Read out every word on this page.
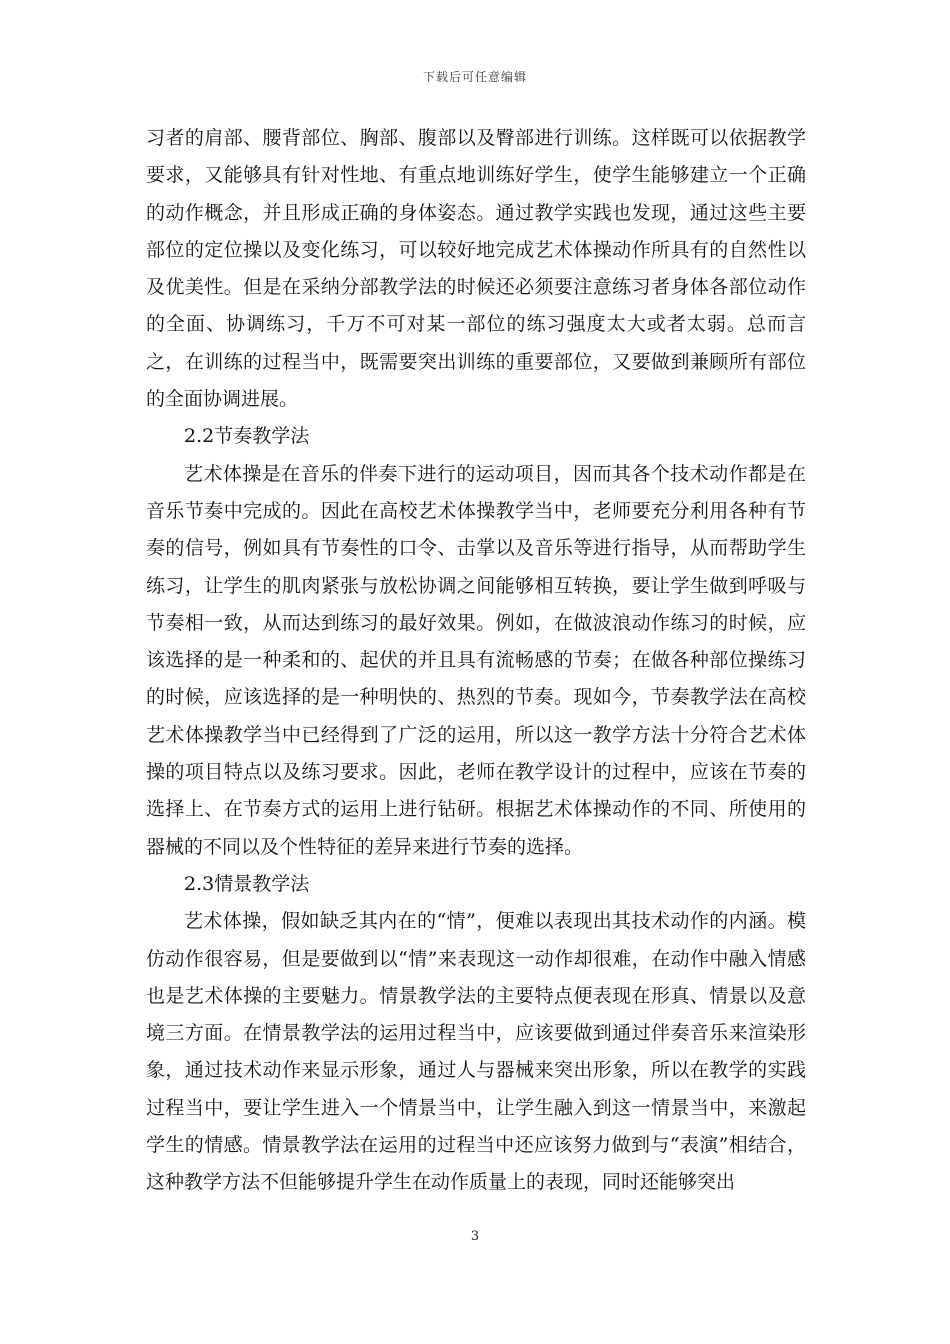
下载后可任意编辑

习者的肩部、腰背部位、胸部、腹部以及臀部进行训练。这样既可以依据教学要求，又能够具有针对性地、有重点地训练好学生，使学生能够建立一个正确的动作概念，并且形成正确的身体姿态。通过教学实践也发现，通过这些主要部位的定位操以及变化练习，可以较好地完成艺术体操动作所具有的自然性以及优美性。但是在采纳分部教学法的时候还必须要注意练习者身体各部位动作的全面、协调练习，千万不可对某一部位的练习强度太大或者太弱。总而言之，在训练的过程当中，既需要突出训练的重要部位，又要做到兼顾所有部位的全面协调进展。

2.2节奏教学法

艺术体操是在音乐的伴奏下进行的运动项目，因而其各个技术动作都是在音乐节奏中完成的。因此在高校艺术体操教学当中，老师要充分利用各种有节奏的信号，例如具有节奏性的口令、击掌以及音乐等进行指导，从而帮助学生练习，让学生的肌肉紧张与放松协调之间能够相互转换，要让学生做到呼吸与节奏相一致，从而达到练习的最好效果。例如，在做波浪动作练习的时候，应该选择的是一种柔和的、起伏的并且具有流畅感的节奏；在做各种部位操练习的时候，应该选择的是一种明快的、热烈的节奏。现如今，节奏教学法在高校艺术体操教学当中已经得到了广泛的运用，所以这一教学方法十分符合艺术体操的项目特点以及练习要求。因此，老师在教学设计的过程中，应该在节奏的选择上、在节奏方式的运用上进行钻研。根据艺术体操动作的不同、所使用的器械的不同以及个性特征的差异来进行节奏的选择。

2.3情景教学法

艺术体操，假如缺乏其内在的“情”，便难以表现出其技术动作的内涵。模仿动作很容易，但是要做到以“情”来表现这一动作却很难，在动作中融入情感也是艺术体操的主要魅力。情景教学法的主要特点便表现在形真、情景以及意境三方面。在情景教学法的运用过程当中，应该要做到通过伴奏音乐来渲染形象，通过技术动作来显示形象，通过人与器械来突出形象，所以在教学的实践过程当中，要让学生进入一个情景当中，让学生融入到这一情景当中，来激起学生的情感。情景教学法在运用的过程当中还应该努力做到与“表演”相结合，这种教学方法不但能够提升学生在动作质量上的表现，同时还能够突出

3
